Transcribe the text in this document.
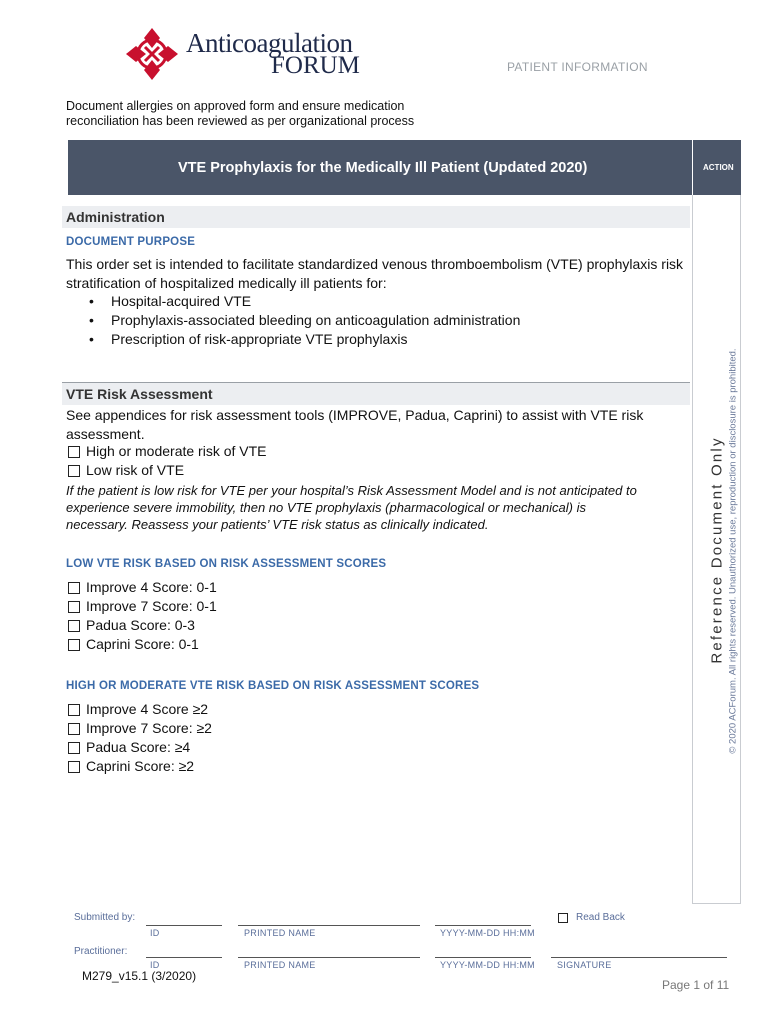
Anticoagulation
FORUM	PATIENT INFORMATION
Document allergies on approved form and ensure medication
reconciliation has been reviewed as per organizational process
VTE Prophylaxis for the Medically Ill Patient (Updated 2020)	ACTION
Reference Document Only © 2020 ACForum. All rights reserved. Unauthorized use, reproduction or disclosure is prohibited.
Administration
DOCUMENT PURPOSE
This order set is intended to facilitate standardized venous thromboembolism (VTE) prophylaxis risk
stratification of hospitalized medically ill patients for:
• Hospital-acquired VTE
• Prophylaxis-associated bleeding on anticoagulation administration
• Prescription of risk-appropriate VTE prophylaxis
VTE Risk Assessment
See appendices for risk assessment tools (IMPROVE, Padua, Caprini) to assist with VTE risk
assessment.
High or moderate risk of VTE
Low risk of VTE
If the patient is low risk for VTE per your hospital’s Risk Assessment Model and is not anticipated to
experience severe immobility, then no VTE prophylaxis (pharmacological or mechanical) is
necessary. Reassess your patients’ VTE risk status as clinically indicated.
LOW VTE RISK BASED ON RISK ASSESSMENT SCORES
Improve 4 Score: 0-1
Improve 7 Score: 0-1
Padua Score: 0-3
Caprini Score: 0-1
HIGH OR MODERATE VTE RISK BASED ON RISK ASSESSMENT SCORES
Improve 4 Score ≥2
Improve 7 Score: ≥2
Padua Score: ≥4
Caprini Score: ≥2
Submitted by:	Read Back
ID	PRINTED NAME	YYYY-MM-DD HH:MM
Practitioner:
ID	PRINTED NAME	YYYY-MM-DD HH:MM SIGNATURE
M279_v15.1 (3/2020)
Page 1 of 11
